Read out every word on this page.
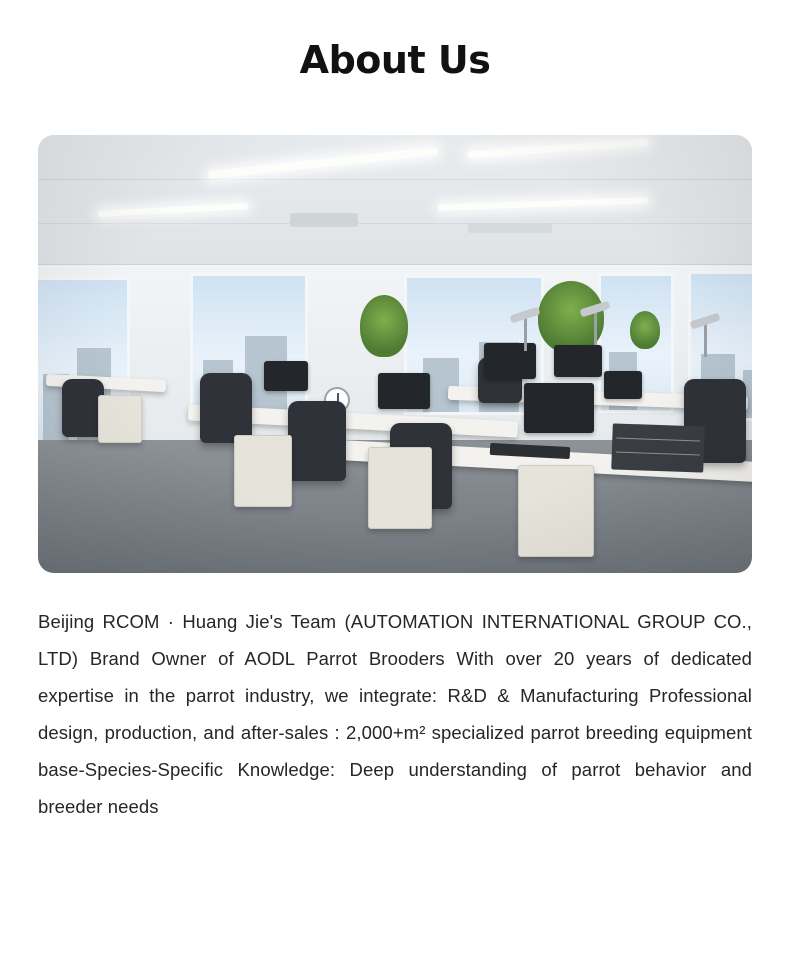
About Us

Beijing RCOM · Huang Jie's Team (AUTOMATION INTERNATIONAL GROUP CO., LTD) Brand Owner of AODL Parrot Brooders With over 20 years of dedicated expertise in the parrot industry, we integrate: R&D & Manufacturing Professional design, production, and after-sales : 2,000+m² specialized parrot breeding equipment base-Species-Specific Knowledge: Deep understanding of parrot behavior and breeder needs
